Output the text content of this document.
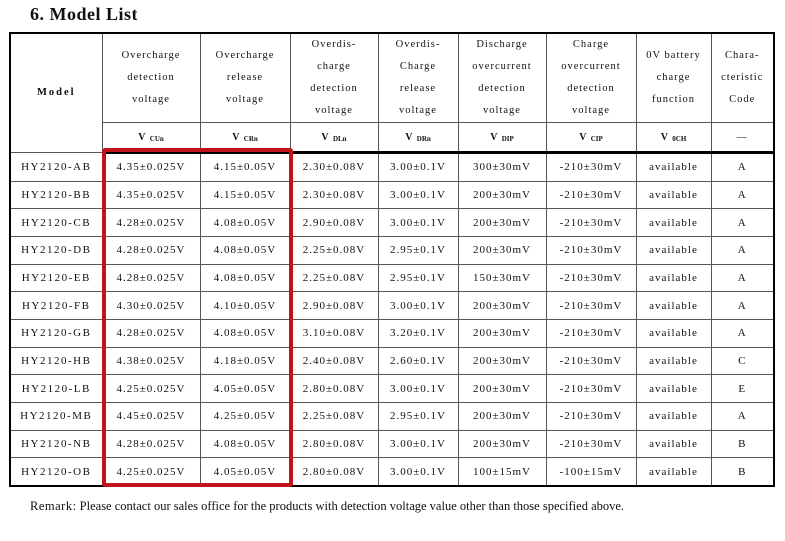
6. Model List
Model	Overcharge detection voltage	Overcharge release voltage	Overdis- charge detection voltage	Overdis- Charge release voltage	Discharge overcurrent detection voltage	Charge overcurrent detection voltage	0V battery charge function	Chara- cteristic Code
	V $_{CUn}$	V $_{CRn}$	V $_{DLn}$	V $_{DRn}$	V $_{DIP}$	V $_{CIP}$	V $_{0CH}$	—
HY2120-AB	4.35±0.025V	4.15±0.05V	2.30±0.08V	3.00±0.1V	300±30mV	-210±30mV	available	A
HY2120-BB	4.35±0.025V	4.15±0.05V	2.30±0.08V	3.00±0.1V	200±30mV	-210±30mV	available	A
HY2120-CB	4.28±0.025V	4.08±0.05V	2.90±0.08V	3.00±0.1V	200±30mV	-210±30mV	available	A
HY2120-DB	4.28±0.025V	4.08±0.05V	2.25±0.08V	2.95±0.1V	200±30mV	-210±30mV	available	A
HY2120-EB	4.28±0.025V	4.08±0.05V	2.25±0.08V	2.95±0.1V	150±30mV	-210±30mV	available	A
HY2120-FB	4.30±0.025V	4.10±0.05V	2.90±0.08V	3.00±0.1V	200±30mV	-210±30mV	available	A
HY2120-GB	4.28±0.025V	4.08±0.05V	3.10±0.08V	3.20±0.1V	200±30mV	-210±30mV	available	A
HY2120-HB	4.38±0.025V	4.18±0.05V	2.40±0.08V	2.60±0.1V	200±30mV	-210±30mV	available	C
HY2120-LB	4.25±0.025V	4.05±0.05V	2.80±0.08V	3.00±0.1V	200±30mV	-210±30mV	available	E
HY2120-MB	4.45±0.025V	4.25±0.05V	2.25±0.08V	2.95±0.1V	200±30mV	-210±30mV	available	A
HY2120-NB	4.28±0.025V	4.08±0.05V	2.80±0.08V	3.00±0.1V	200±30mV	-210±30mV	available	B
HY2120-OB	4.25±0.025V	4.05±0.05V	2.80±0.08V	3.00±0.1V	100±15mV	-100±15mV	available	B
Remark: Please contact our sales office for the products with detection voltage value other than those specified above.
